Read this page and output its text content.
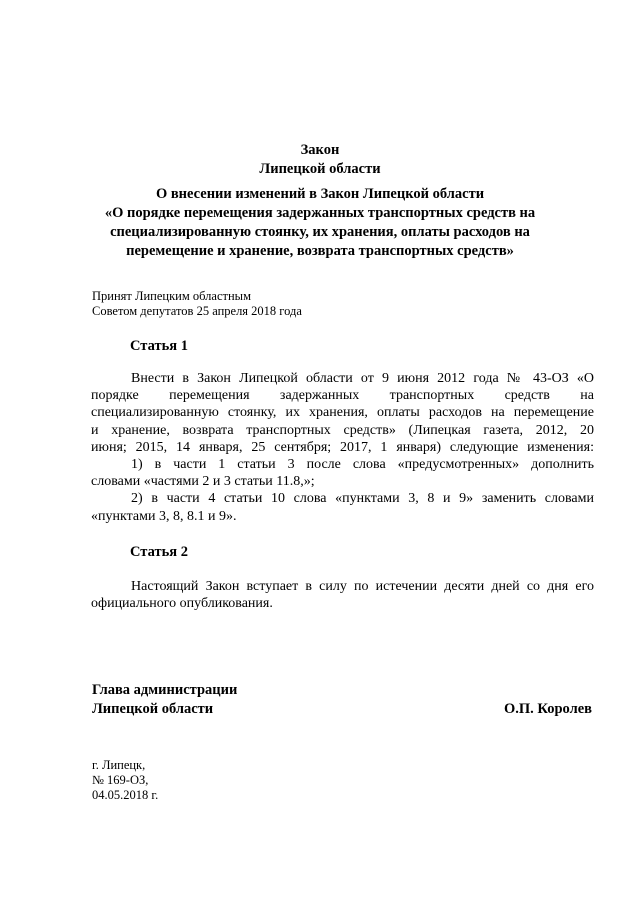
Закон
Липецкой области
О внесении изменений в Закон Липецкой области
«О порядке перемещения задержанных транспортных средств на
специализированную стоянку, их хранения, оплаты расходов на
перемещение и хранение, возврата транспортных средств»
Принят Липецким областным
Советом депутатов 25 апреля 2018 года
Статья 1
Внести в Закон Липецкой области от 9 июня 2012 года № 43-ОЗ «О
порядке перемещения задержанных транспортных средств на
специализированную стоянку, их хранения, оплаты расходов на перемещение
и хранение, возврата транспортных средств» (Липецкая газета, 2012, 20
июня; 2015, 14 января, 25 сентября; 2017, 1 января) следующие изменения:
1) в части 1 статьи 3 после слова «предусмотренных» дополнить
словами «частями 2 и 3 статьи 11.8,»;
2) в части 4 статьи 10 слова «пунктами 3, 8 и 9» заменить словами
«пунктами 3, 8, 8.1 и 9».
Статья 2
Настоящий Закон вступает в силу по истечении десяти дней со дня его
официального опубликования.
Глава администрации
Липецкой области	О.П. Королев
г. Липецк,
№ 169-ОЗ,
04.05.2018 г.
